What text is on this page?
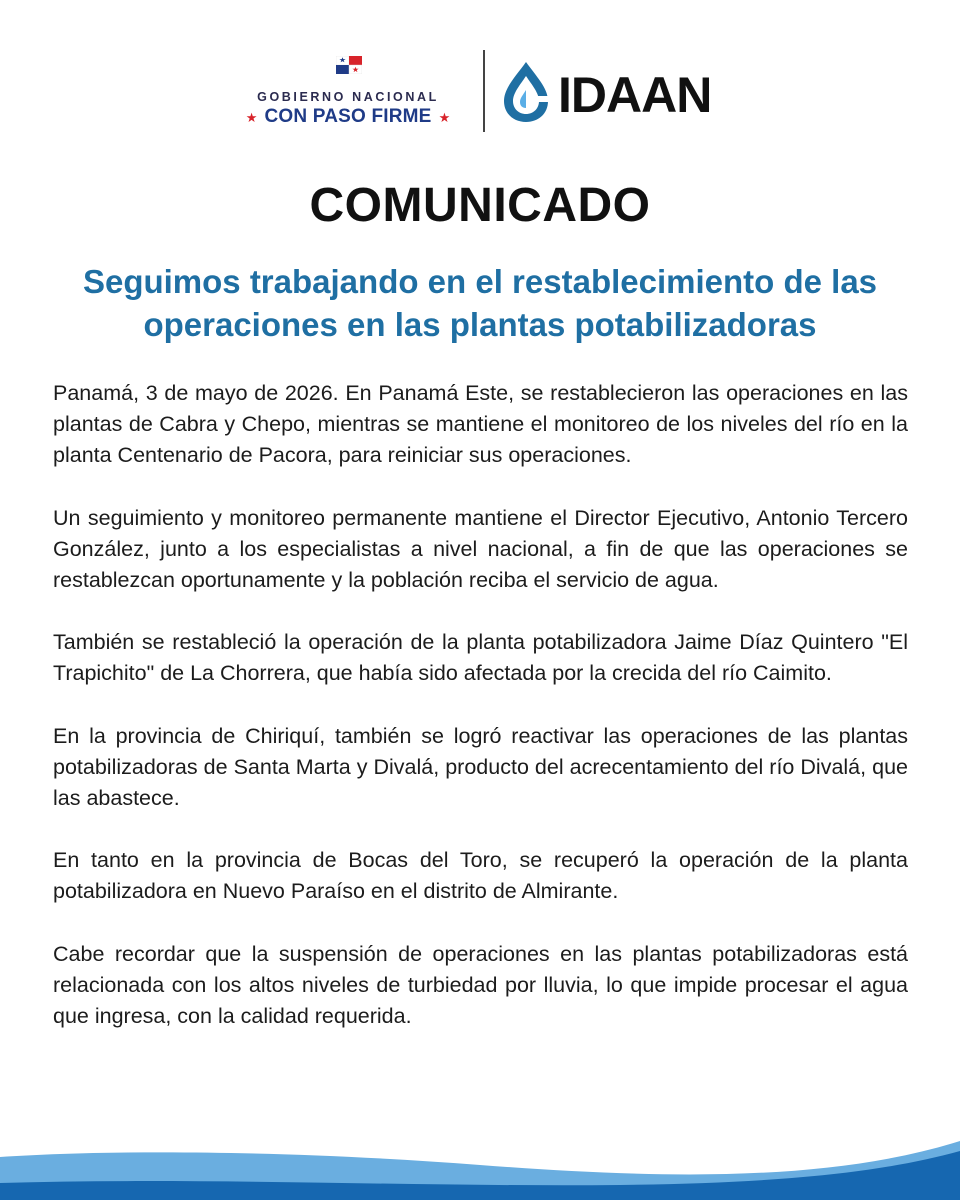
GOBIERNO NACIONAL
★ CON PASO FIRME ★ IDAAN
COMUNICADO
Seguimos trabajando en el restablecimiento de las operaciones en las plantas potabilizadoras

Panamá, 3 de mayo de 2026. En Panamá Este, se restablecieron las operaciones en las plantas de Cabra y Chepo, mientras se mantiene el monitoreo de los niveles del río en la planta Centenario de Pacora, para reiniciar sus operaciones.

Un seguimiento y monitoreo permanente mantiene el Director Ejecutivo, Antonio Tercero González, junto a los especialistas a nivel nacional, a fin de que las operaciones se restablezcan oportunamente y la población reciba el servicio de agua.

También se restableció la operación de la planta potabilizadora Jaime Díaz Quintero "El Trapichito" de La Chorrera, que había sido afectada por la crecida del río Caimito.

En la provincia de Chiriquí, también se logró reactivar las operaciones de las plantas potabilizadoras de Santa Marta y Divalá, producto del acrecentamiento del río Divalá, que las abastece.

En tanto en la provincia de Bocas del Toro, se recuperó la operación de la planta potabilizadora en Nuevo Paraíso en el distrito de Almirante.

Cabe recordar que la suspensión de operaciones en las plantas potabilizadoras está relacionada con los altos niveles de turbiedad por lluvia, lo que impide procesar el agua que ingresa, con la calidad requerida.
